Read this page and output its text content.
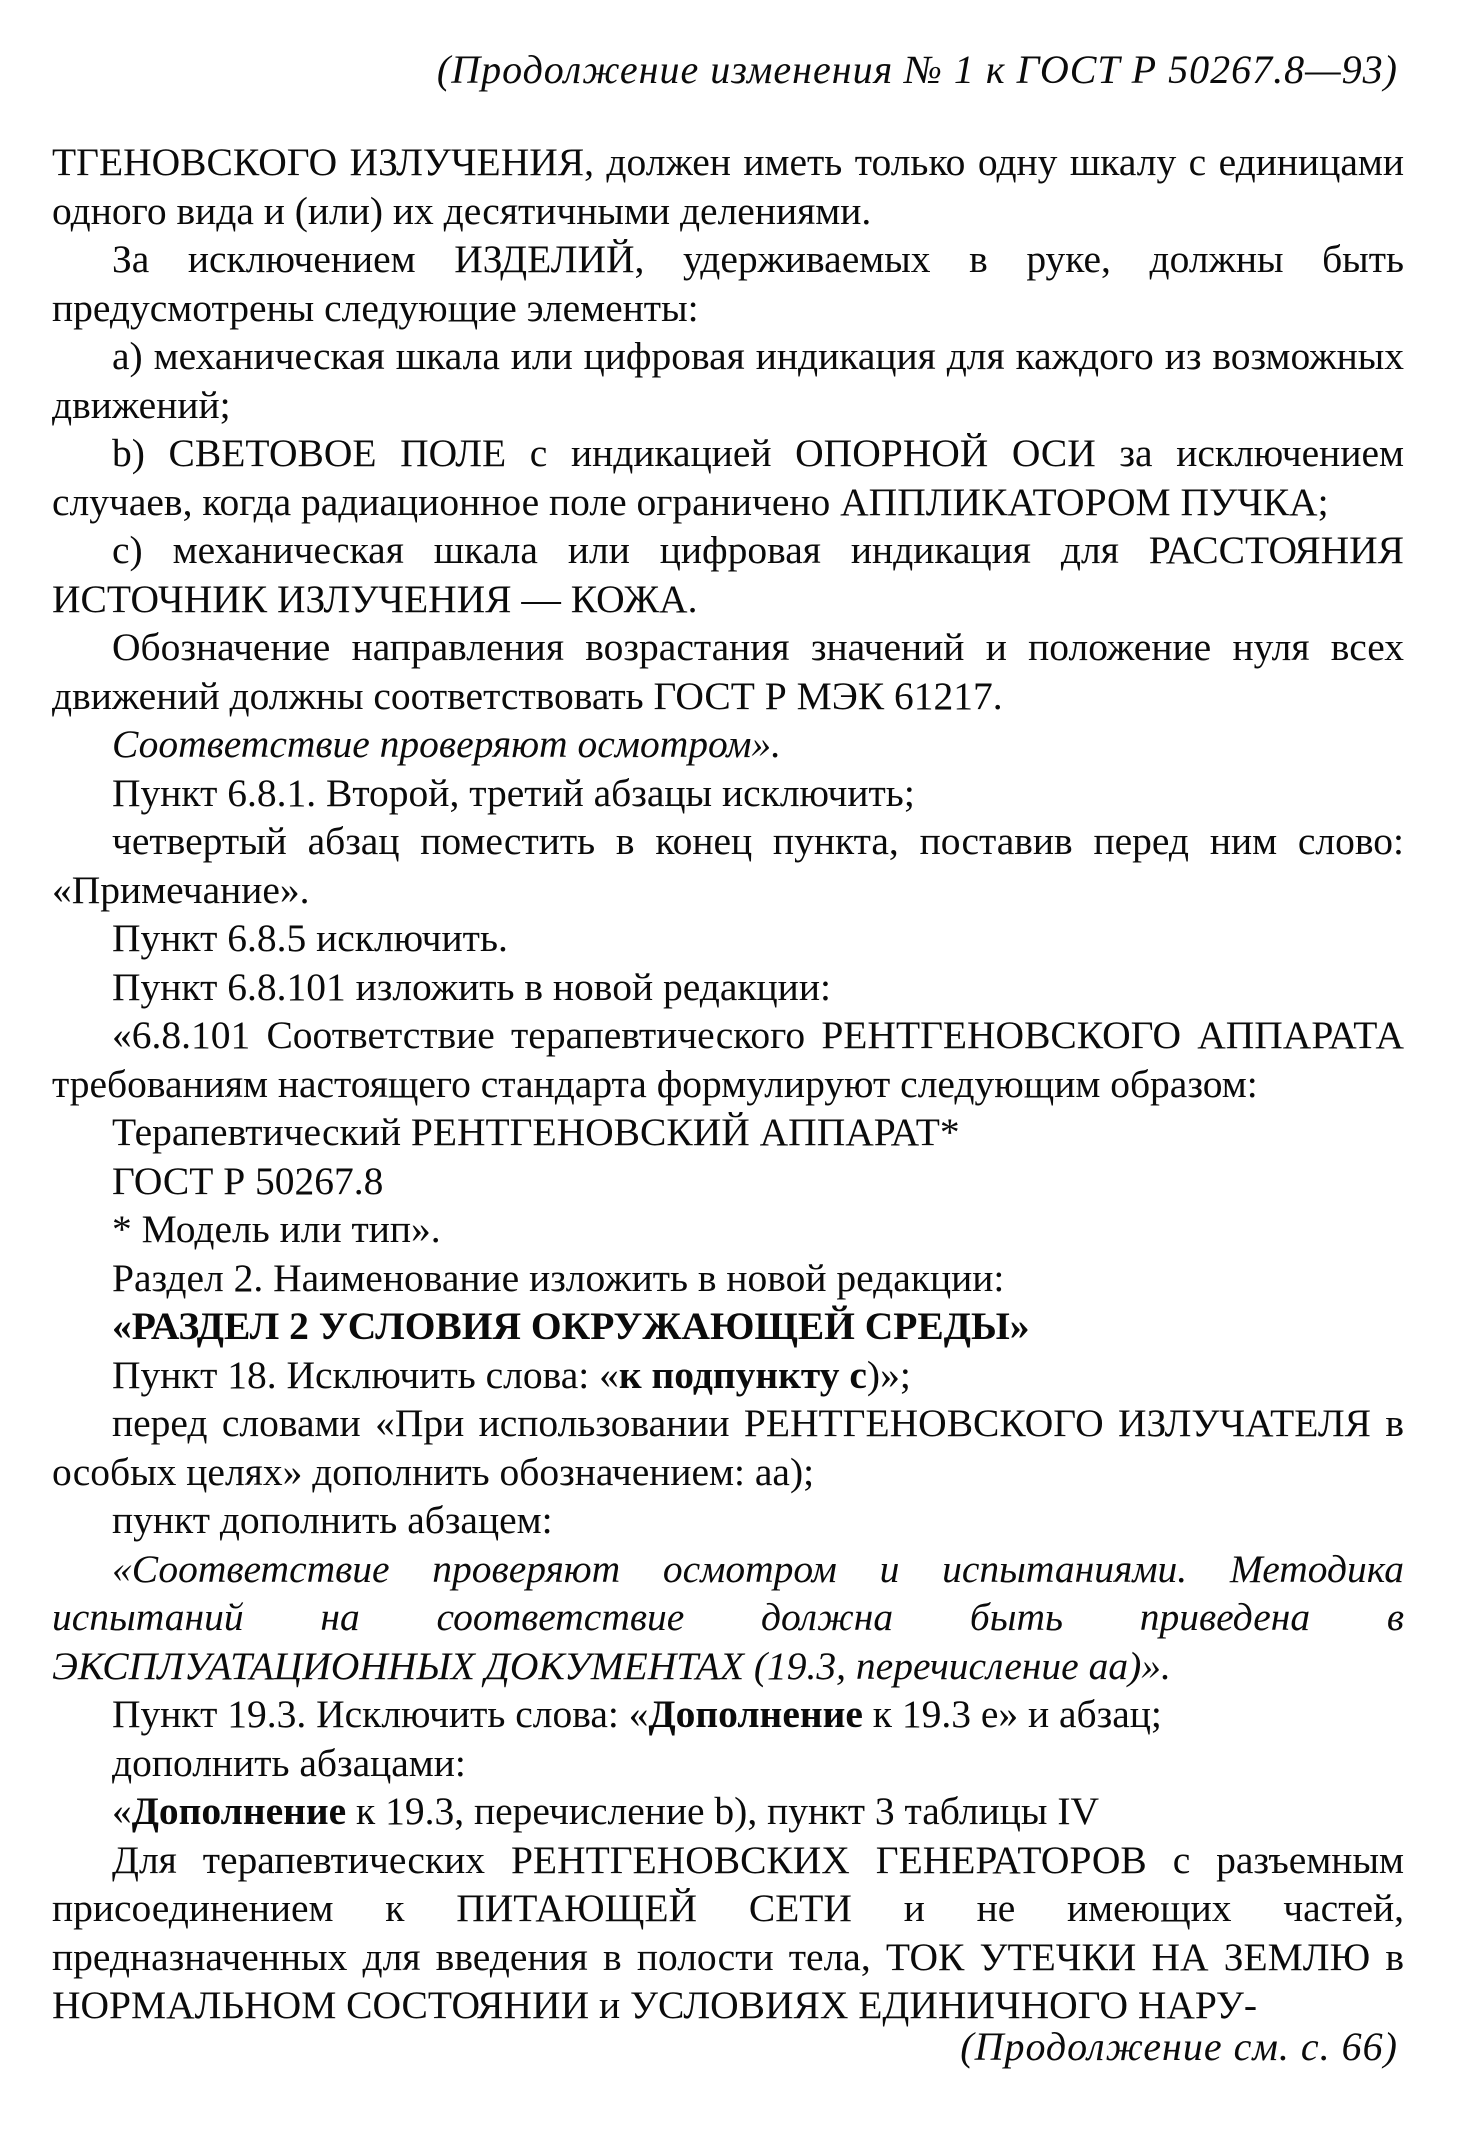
(Продолжение изменения № 1 к ГОСТ Р 50267.8—93)

ТГЕНОВСКОГО ИЗЛУЧЕНИЯ, должен иметь только одну шкалу с единицами одного вида и (или) их десятичными делениями.

За исключением ИЗДЕЛИЙ, удерживаемых в руке, должны быть предусмотрены следующие элементы:

а) механическая шкала или цифровая индикация для каждого из возможных движений;

b) СВЕТОВОЕ ПОЛЕ с индикацией ОПОРНОЙ ОСИ за исключением случаев, когда радиационное поле ограничено АППЛИКАТОРОМ ПУЧКА;

с) механическая шкала или цифровая индикация для РАССТОЯНИЯ ИСТОЧНИК ИЗЛУЧЕНИЯ — КОЖА.

Обозначение направления возрастания значений и положение нуля всех движений должны соответствовать ГОСТ Р МЭК 61217.

Соответствие проверяют осмотром».

Пункт 6.8.1. Второй, третий абзацы исключить;

четвертый абзац поместить в конец пункта, поставив перед ним слово: «Примечание».

Пункт 6.8.5 исключить.

Пункт 6.8.101 изложить в новой редакции:

«6.8.101 Соответствие терапевтического РЕНТГЕНОВСКОГО АППАРАТА требованиям настоящего стандарта формулируют следующим образом:

Терапевтический РЕНТГЕНОВСКИЙ АППАРАТ*

ГОСТ Р 50267.8

* Модель или тип».

Раздел 2. Наименование изложить в новой редакции:

«РАЗДЕЛ 2 УСЛОВИЯ ОКРУЖАЮЩЕЙ СРЕДЫ»

Пункт 18. Исключить слова: «к подпункту с)»;

перед словами «При использовании РЕНТГЕНОВСКОГО ИЗЛУЧАТЕЛЯ в особых целях» дополнить обозначением: аа);

пункт дополнить абзацем:

«Соответствие проверяют осмотром и испытаниями. Методика испытаний на соответствие должна быть приведена в ЭКСПЛУАТАЦИОННЫХ ДОКУМЕНТАХ (19.3, перечисление аа)».

Пункт 19.3. Исключить слова: «Дополнение к 19.3 е» и абзац;

дополнить абзацами:

«Дополнение к 19.3, перечисление b), пункт 3 таблицы IV

Для терапевтических РЕНТГЕНОВСКИХ ГЕНЕРАТОРОВ с разъемным присоединением к ПИТАЮЩЕЙ СЕТИ и не имеющих частей, предназначенных для введения в полости тела, ТОК УТЕЧКИ НА ЗЕМЛЮ в НОРМАЛЬНОМ СОСТОЯНИИ и УСЛОВИЯХ ЕДИНИЧНОГО НАРУ-

(Продолжение см. с. 66)
